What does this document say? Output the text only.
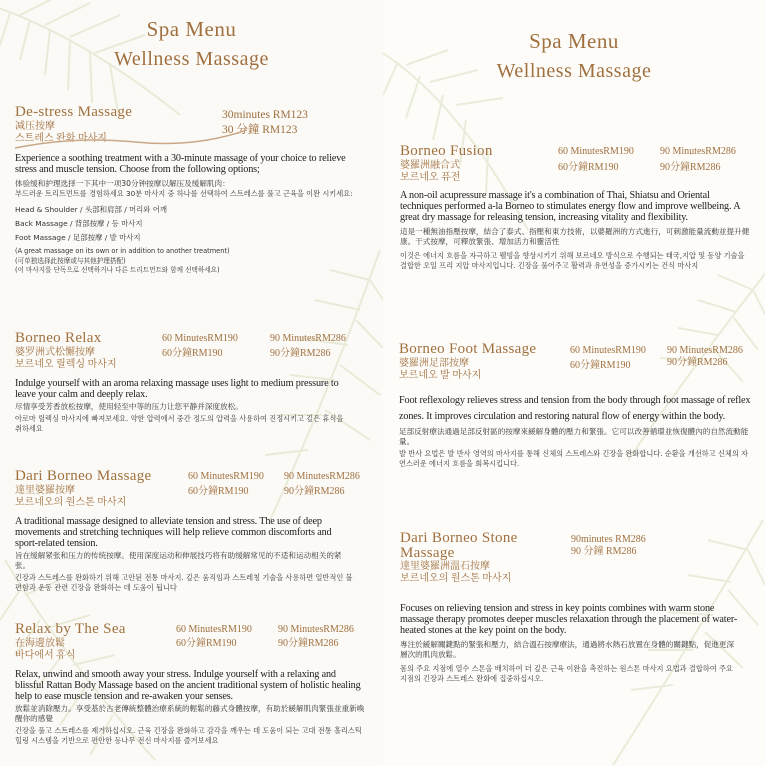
Spa Menu
Wellness Massage
De-stress Massage
减压按摩
스트레스 완화 마사지
30minutes RM123
30 分鐘 RM123
Experience a soothing treatment with a 30-minute massage of your choice to relieve stress and muscle tension. Choose from the following options;
体验缓和护理选择一下其中一项30分钟按摩以解压及缓解肌肉：
부드러운 트리트먼트를 경험하세요 30분 마사지 중 하나를 선택하여 스트레스를 풀고 근육을 이완 시키세요:
Head & Shoulder / 头部和肩部 / 머리와 어깨
Back Massage / 背部按摩 / 등 마사지
Foot Massage / 足部按摩 / 발 마사지
(A great massage on its own or in addition to another treatment)
(可单独选择此按摩或与其他护理搭配)
(이 마사지를 단독으로 선택하거나 다른 트리트먼트와 함께 선택하세요)
Borneo Relax
婆罗洲式松懈按摩
보르네오 릴렉싱 마사지
60 MinutesRM190	90 MinutesRM286
60分鐘RM190	90分鐘RM286
Indulge yourself with an aroma relaxing massage uses light to medium pressure to leave your calm and deeply relax.
尽情享受芳香放松按摩，使用轻至中等的压力让您平静并深度放松。
아로마 릴렉싱 마사지에 빠져보세요. 약한 압력에서 중간 정도의 압력을 사용하여 진정시키고 깊은 휴식을 취하세요
Dari Borneo Massage
達里婆羅按摩
보르네오의 원스톤 마사지
60 MinutesRM190 90 MinutesRM286
60分鐘RM190	90分鐘RM286
A traditional massage designed to alleviate tension and stress. The use of deep movements and stretching techniques will help relieve common discomforts and sport-related tension.
旨在缓解紧张和压力的传统按摩。使用深度运动和伸展技巧将有助缓解常见的不适和运动相关的紧张。
긴장과 스트레스를 완화하기 위해 고안된 전통 마사지. 깊은 움직임과 스트레칭 기술을 사용하면 일반적인 불편함과 운동 관련 긴장을 완화하는 데 도움이 됩니다
Relax by The Sea
在海邊放鬆
바다에서 휴식
60 MinutesRM190	90 MinutesRM286
60分鐘RM190	90分鐘RM286
Relax, unwind and smooth away your stress. Indulge yourself with a relaxing and blissful Rattan Body Massage based on the ancient traditional system of holistic healing help to ease muscle tension and re-awaken your senses.
放鬆並消除壓力。享受基於古老傳統整體治療系統的輕鬆的藤式身體按摩，有助於緩解肌肉緊張並重新喚醒你的感覺
긴장을 풀고 스트레스를 제거하십시오. 근육 긴장을 완화하고 감각을 깨우는 데 도움이 되는 고대 전통 홀리스틱 힐링 시스템을 기반으로 편안한 등나무 전신 마사지를 즐겨보세요
Spa Menu
Wellness Massage
Borneo Fusion
婆羅洲融合式
보르네오 퓨전
60 MinutesRM190	90 MinutesRM286
60分鐘RM190	90分鐘RM286
A non-oil acupressure massage it's a combination of Thai, Shiatsu and Oriental techniques performed a-la Borneo to stimulates energy flow and improve wellbeing. A great dry massage for releasing tension, increasing vitality and flexibility.
這是一種無油指壓按摩，結合了泰式、指壓和東方技術，以婆羅洲的方式進行，可刺激能量流動並提升健康。干式按摩，可釋放緊張、增加活力和靈活性
이것은 에너지 흐름을 자극하고 웰빙을 향상시키기 위해 보르네오 방식으로 수행되는 태국,지압 및 동양 기술을 결합한 오일 프리 지압 마사지입니다. 긴장을 풀어주고 활력과 유연성을 증가시키는 건식 마사지
Borneo Foot Massage
婆羅洲足部按摩
보르네오 발 마사지
60 MinutesRM190 90 MinutesRM286
60分鐘RM190	90分鐘RM286
Foot reflexology relieves stress and tension from the body through foot massage of reflex zones. It improves circulation and restoring natural flow of energy within the body.
足部反射療法通過足部反射區的按摩來緩解身體的壓力和緊張。它可以改善循環並恢復體內的自然流動能量。
발 반사 요법은 발 반사 영역의 마사지를 통해 신체의 스트레스와 긴장을 완화합니다. 순환을 개선하고 신체의 자연스러운 에너지 흐름을 회복시킵니다.
Dari Borneo Stone Massage
達里婆羅洲溫石按摩
보르네오의 원스톤 마사지
90minutes RM286
90 分鐘 RM286
Focuses on relieving tension and stress in key points combines with warm stone massage therapy promotes deeper muscles relaxation through the placement of water-heated stones at the key point on the body.
專注於緩解關鍵點的緊張和壓力，結合溫石按摩療法，通過將水熱石放置在身體的關鍵點，促進更深層次的肌肉放鬆。
몸의 주요 지점에 열수 스톤을 배치하여 더 깊은 근육 이완을 촉진하는 원스톤 마사지 요법과 결합하여 주요 지점의 긴장과 스트레스 완화에 집중하십시오.
